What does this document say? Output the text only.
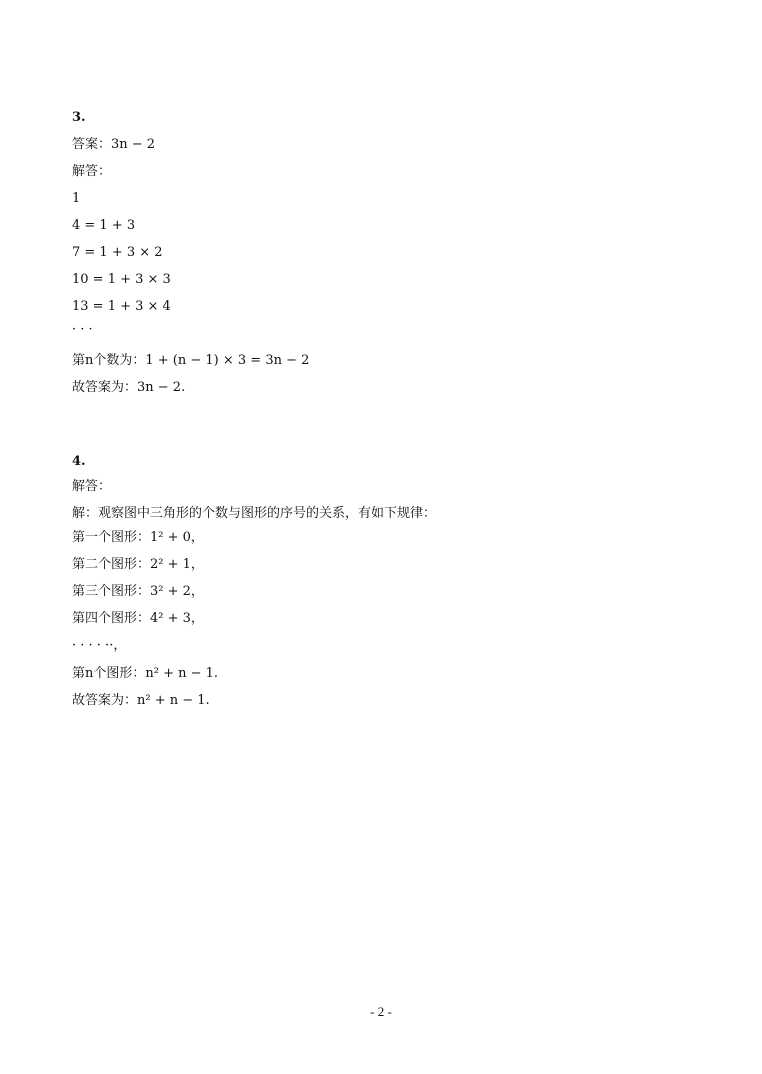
3.
答案：3n − 2
解答：
1
4 = 1 + 3
7 = 1 + 3 × 2
10 = 1 + 3 × 3
13 = 1 + 3 × 4
· · ·
第n个数为：1 + (n − 1) × 3 = 3n − 2
故答案为：3n − 2.
4.
解答：
解：观察图中三角形的个数与图形的序号的关系，有如下规律：
第一个图形：1² + 0，
第二个图形：2² + 1，
第三个图形：3² + 2，
第四个图形：4² + 3，
· · · · ··，
第n个图形：n² + n − 1.
故答案为：n² + n − 1.
- 2 -
